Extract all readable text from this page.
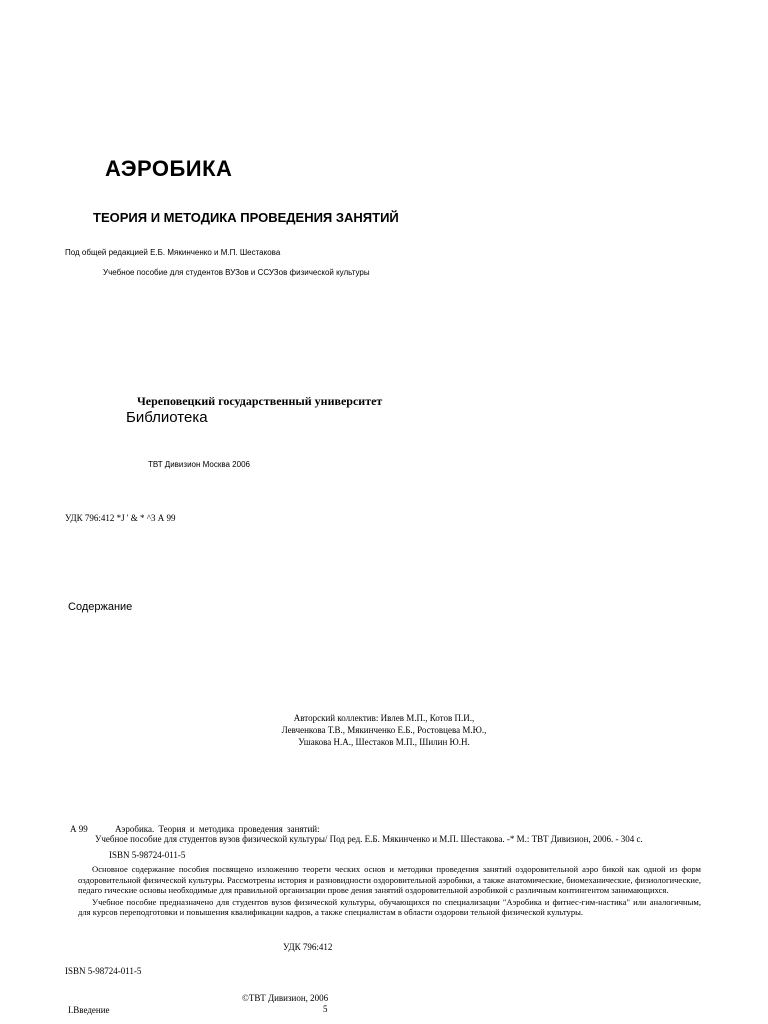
АЭРОБИКА
ТЕОРИЯ И МЕТОДИКА ПРОВЕДЕНИЯ ЗАНЯТИЙ
Под общей редакцией Е.Б. Мякинченко и М.П. Шестакова
Учебное пособие для студентов ВУЗов и ССУЗов физической культуры
Череповецкий государственный университет
Библиотека
ТВТ Дивизион Москва 2006
УДК 796:412 *J ' & * ^3 А 99
Содержание
Авторский коллектив: Ивлев М.П., Котов П.И.,
Левченкова Т.В., Мякинченко Е.Б., Ростовцева М.Ю.,
Ушакова Н.А., Шестаков М.П., Шилин Ю.Н.
А 99	Аэробика. Теория и методика проведения занятий:
Учебное пособие для студентов вузов физической культуры/ Под ред. Е.Б. Мякинченко и М.П. Шестакова. -* М.: ТВТ Дивизион, 2006. - 304 с.
ISBN 5-98724-011-5

Основное содержание пособия посвящено изложению теорети ческих основ и методики проведения занятий оздоровительной аэро бикой как одной из форм оздоровительной физической культуры. Рассмотрены история и разновидности оздоровительной аэробики, а также анатомические, биомеханические, физиологические, педаго гические основы необходимые для правильной организации прове дения занятий оздоровительной аэробикой с различным контингентом занимающихся.

Учебное пособие предназначено для студентов вузов физической культуры, обучающихся по специализации "Аэробика и фитнес-гим-настика" или аналогичным, для курсов переподготовки и повышения квалификации кадров, а также специалистам в области оздорови тельной физической культуры.

УДК 796:412
ISBN 5-98724-011-5
©ТВТ Дивизион, 2006
I.Введение	5
